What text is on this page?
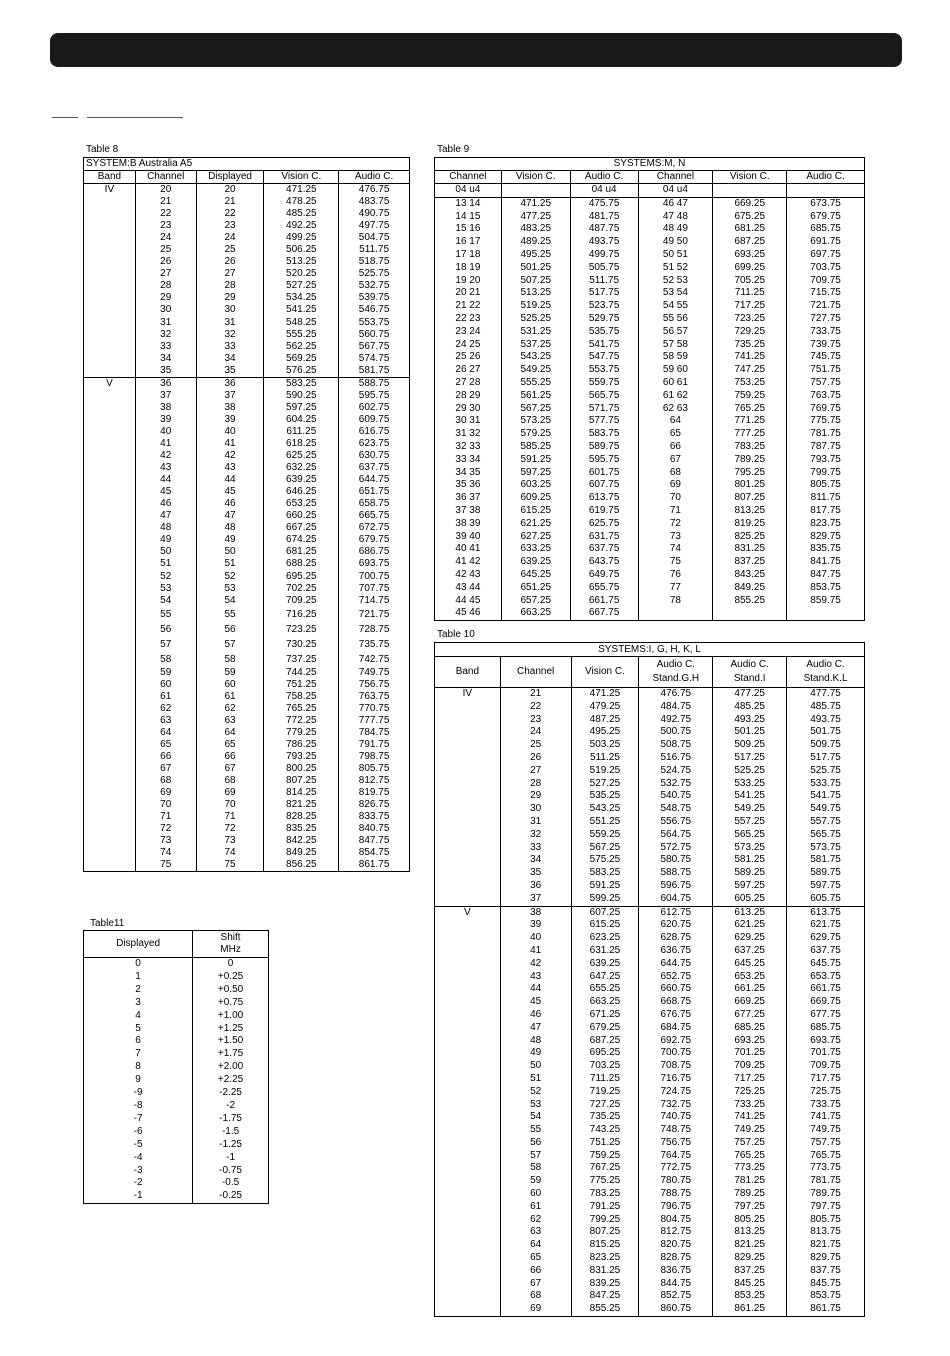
Table 8
SYSTEM:B Australia A5				
Band	Channel	Displayed	Vision C.	Audio C.
IV	20	20	471.25	476.75
	21	21	478.25	483.75
	22	22	485.25	490.75
	23	23	492.25	497.75
	24	24	499.25	504.75
	25	25	506.25	511.75
	26	26	513.25	518.75
	27	27	520.25	525.75
	28	28	527.25	532.75
	29	29	534.25	539.75
	30	30	541.25	546.75
	31	31	548.25	553.75
	32	32	555.25	560.75
	33	33	562.25	567.75
	34	34	569.25	574.75
	35	35	576.25	581.75
V	36	36	583.25	588.75
	37	37	590.25	595.75
	38	38	597.25	602.75
	39	39	604.25	609.75
	40	40	611.25	616.75
	41	41	618.25	623.75
	42	42	625.25	630.75
	43	43	632.25	637.75
	44	44	639.25	644.75
	45	45	646.25	651.75
	46	46	653.25	658.75
	47	47	660.25	665.75
	48	48	667.25	672.75
	49	49	674.25	679.75
	50	50	681.25	686.75
	51	51	688.25	693.75
	52	52	695.25	700.75
	53	53	702.25	707.75
	54	54	709.25	714.75
	55	55	716.25	721.75
	56	56	723.25	728.75
	57	57	730.25	735.75
	58	58	737.25	742.75
	59	59	744.25	749.75
	60	60	751.25	756.75
	61	61	758.25	763.75
	62	62	765.25	770.75
	63	63	772.25	777.75
	64	64	779.25	784.75
	65	65	786.25	791.75
	66	66	793.25	798.75
	67	67	800.25	805.75
	68	68	807.25	812.75
	69	69	814.25	819.75
	70	70	821.25	826.75
	71	71	828.25	833.75
	72	72	835.25	840.75
	73	73	842.25	847.75
	74	74	849.25	854.75
	75	75	856.25	861.75
Table 9
SYSTEMS:M, N					
Channel	Vision C.	Audio C.	Channel	Vision C.	Audio C.
04 u4		04 u4	04 u4		
13 14	471.25	475.75	46 47	669.25	673.75
14 15	477.25	481.75	47 48	675.25	679.75
15 16	483.25	487.75	48 49	681.25	685.75
16 17	489.25	493.75	49 50	687.25	691.75
17 18	495.25	499.75	50 51	693.25	697.75
18 19	501.25	505.75	51 52	699.25	703.75
19 20	507.25	511.75	52 53	705.25	709.75
20 21	513.25	517.75	53 54	711.25	715.75
21 22	519.25	523.75	54 55	717.25	721.75
22 23	525.25	529.75	55 56	723.25	727.75
23 24	531.25	535.75	56 57	729.25	733.75
24 25	537.25	541.75	57 58	735.25	739.75
25 26	543.25	547.75	58 59	741.25	745.75
26 27	549.25	553.75	59 60	747.25	751.75
27 28	555.25	559.75	60 61	753.25	757.75
28 29	561.25	565.75	61 62	759.25	763.75
29 30	567.25	571.75	62 63	765.25	769.75
30 31	573.25	577.75	64	771.25	775.75
31 32	579.25	583.75	65	777.25	781.75
32 33	585.25	589.75	66	783.25	787.75
33 34	591.25	595.75	67	789.25	793.75
34 35	597.25	601.75	68	795.25	799.75
35 36	603.25	607.75	69	801.25	805.75
36 37	609.25	613.75	70	807.25	811.75
37 38	615.25	619.75	71	813.25	817.75
38 39	621.25	625.75	72	819.25	823.75
39 40	627.25	631.75	73	825.25	829.75
40 41	633.25	637.75	74	831.25	835.75
41 42	639.25	643.75	75	837.25	841.75
42 43	645.25	649.75	76	843.25	847.75
43 44	651.25	655.75	77	849.25	853.75
44 45	657.25	661.75	78	855.25	859.75
45 46	663.25	667.75			
Table 10
SYSTEMS:I, G, H, K, L					
Band	Channel	Vision C.	Audio C. Stand.G.H	Audio C. Stand.I	Audio C. Stand.K.L
IV	21	471.25	476.75	477.25	477.75
	22	479.25	484.75	485.25	485.75
	23	487.25	492.75	493.25	493.75
	24	495.25	500.75	501.25	501.75
	25	503.25	508.75	509.25	509.75
	26	511.25	516.75	517.25	517.75
	27	519.25	524.75	525.25	525.75
	28	527.25	532.75	533.25	533.75
	29	535.25	540.75	541.25	541.75
	30	543.25	548.75	549.25	549.75
	31	551.25	556.75	557.25	557.75
	32	559.25	564.75	565.25	565.75
	33	567.25	572.75	573.25	573.75
	34	575.25	580.75	581.25	581.75
	35	583.25	588.75	589.25	589.75
	36	591.25	596.75	597.25	597.75
	37	599.25	604.75	605.25	605.75
V	38	607.25	612.75	613.25	613.75
	39	615.25	620.75	621.25	621.75
	40	623.25	628.75	629.25	629.75
	41	631.25	636.75	637.25	637.75
	42	639.25	644.75	645.25	645.75
	43	647.25	652.75	653.25	653.75
	44	655.25	660.75	661.25	661.75
	45	663.25	668.75	669.25	669.75
	46	671.25	676.75	677.25	677.75
	47	679.25	684.75	685.25	685.75
	48	687.25	692.75	693.25	693.75
	49	695.25	700.75	701.25	701.75
	50	703.25	708.75	709.25	709.75
	51	711.25	716.75	717.25	717.75
	52	719.25	724.75	725.25	725.75
	53	727.25	732.75	733.25	733.75
	54	735.25	740.75	741.25	741.75
	55	743.25	748.75	749.25	749.75
	56	751.25	756.75	757.25	757.75
	57	759.25	764.75	765.25	765.75
	58	767.25	772.75	773.25	773.75
	59	775.25	780.75	781.25	781.75
	60	783.25	788.75	789.25	789.75
	61	791.25	796.75	797.25	797.75
	62	799.25	804.75	805.25	805.75
	63	807.25	812.75	813.25	813.75
	64	815.25	820.75	821.25	821.75
	65	823.25	828.75	829.25	829.75
	66	831.25	836.75	837.25	837.75
	67	839.25	844.75	845.25	845.75
	68	847.25	852.75	853.25	853.75
	69	855.25	860.75	861.25	861.75
Table11
Displayed	Shift MHz
0	0
1	+0.25
2	+0.50
3	+0.75
4	+1.00
5	+1.25
6	+1.50
7	+1.75
8	+2.00
9	+2.25
-9	-2.25
-8	-2
-7	-1.75
-6	-1.5
-5	-1.25
-4	-1
-3	-0.75
-2	-0.5
-1	-0.25
